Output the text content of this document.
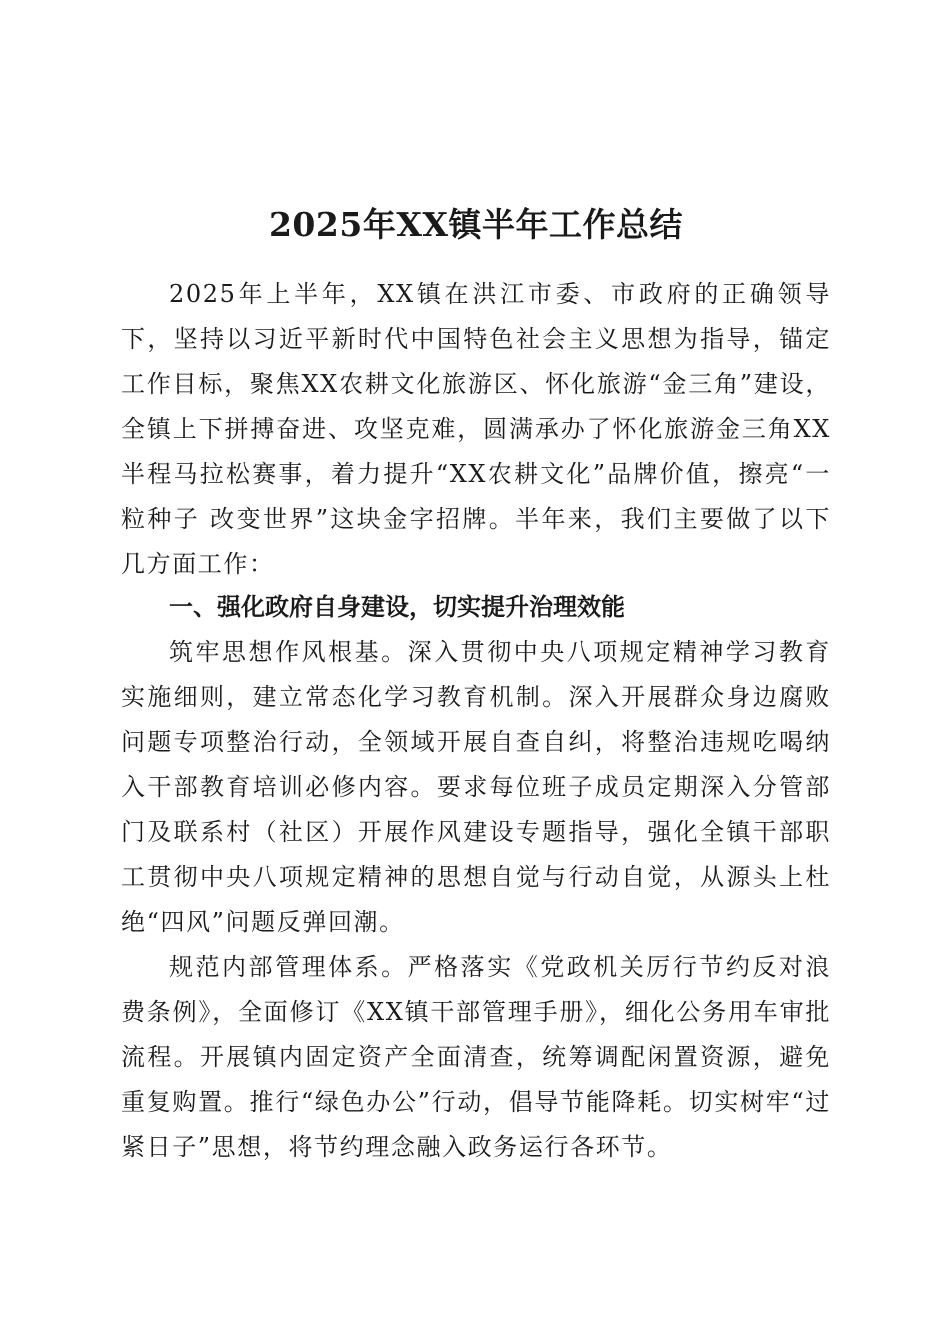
2025年XX镇半年工作总结

2025年上半年，XX镇在洪江市委、市政府的正确领导下，坚持以习近平新时代中国特色社会主义思想为指导，锚定工作目标，聚焦XX农耕文化旅游区、怀化旅游“金三角”建设，全镇上下拼搏奋进、攻坚克难，圆满承办了怀化旅游金三角XX半程马拉松赛事，着力提升“XX农耕文化”品牌价值，擦亮“一粒种子 改变世界”这块金字招牌。半年来，我们主要做了以下几方面工作：

一、强化政府自身建设，切实提升治理效能

筑牢思想作风根基。深入贯彻中央八项规定精神学习教育实施细则，建立常态化学习教育机制。深入开展群众身边腐败问题专项整治行动，全领域开展自查自纠，将整治违规吃喝纳入干部教育培训必修内容。要求每位班子成员定期深入分管部门及联系村（社区）开展作风建设专题指导，强化全镇干部职工贯彻中央八项规定精神的思想自觉与行动自觉，从源头上杜绝“四风”问题反弹回潮。

规范内部管理体系。严格落实《党政机关厉行节约反对浪费条例》，全面修订《XX镇干部管理手册》，细化公务用车审批流程。开展镇内固定资产全面清查，统筹调配闲置资源，避免重复购置。推行“绿色办公”行动，倡导节能降耗。切实树牢“过紧日子”思想，将节约理念融入政务运行各环节。
